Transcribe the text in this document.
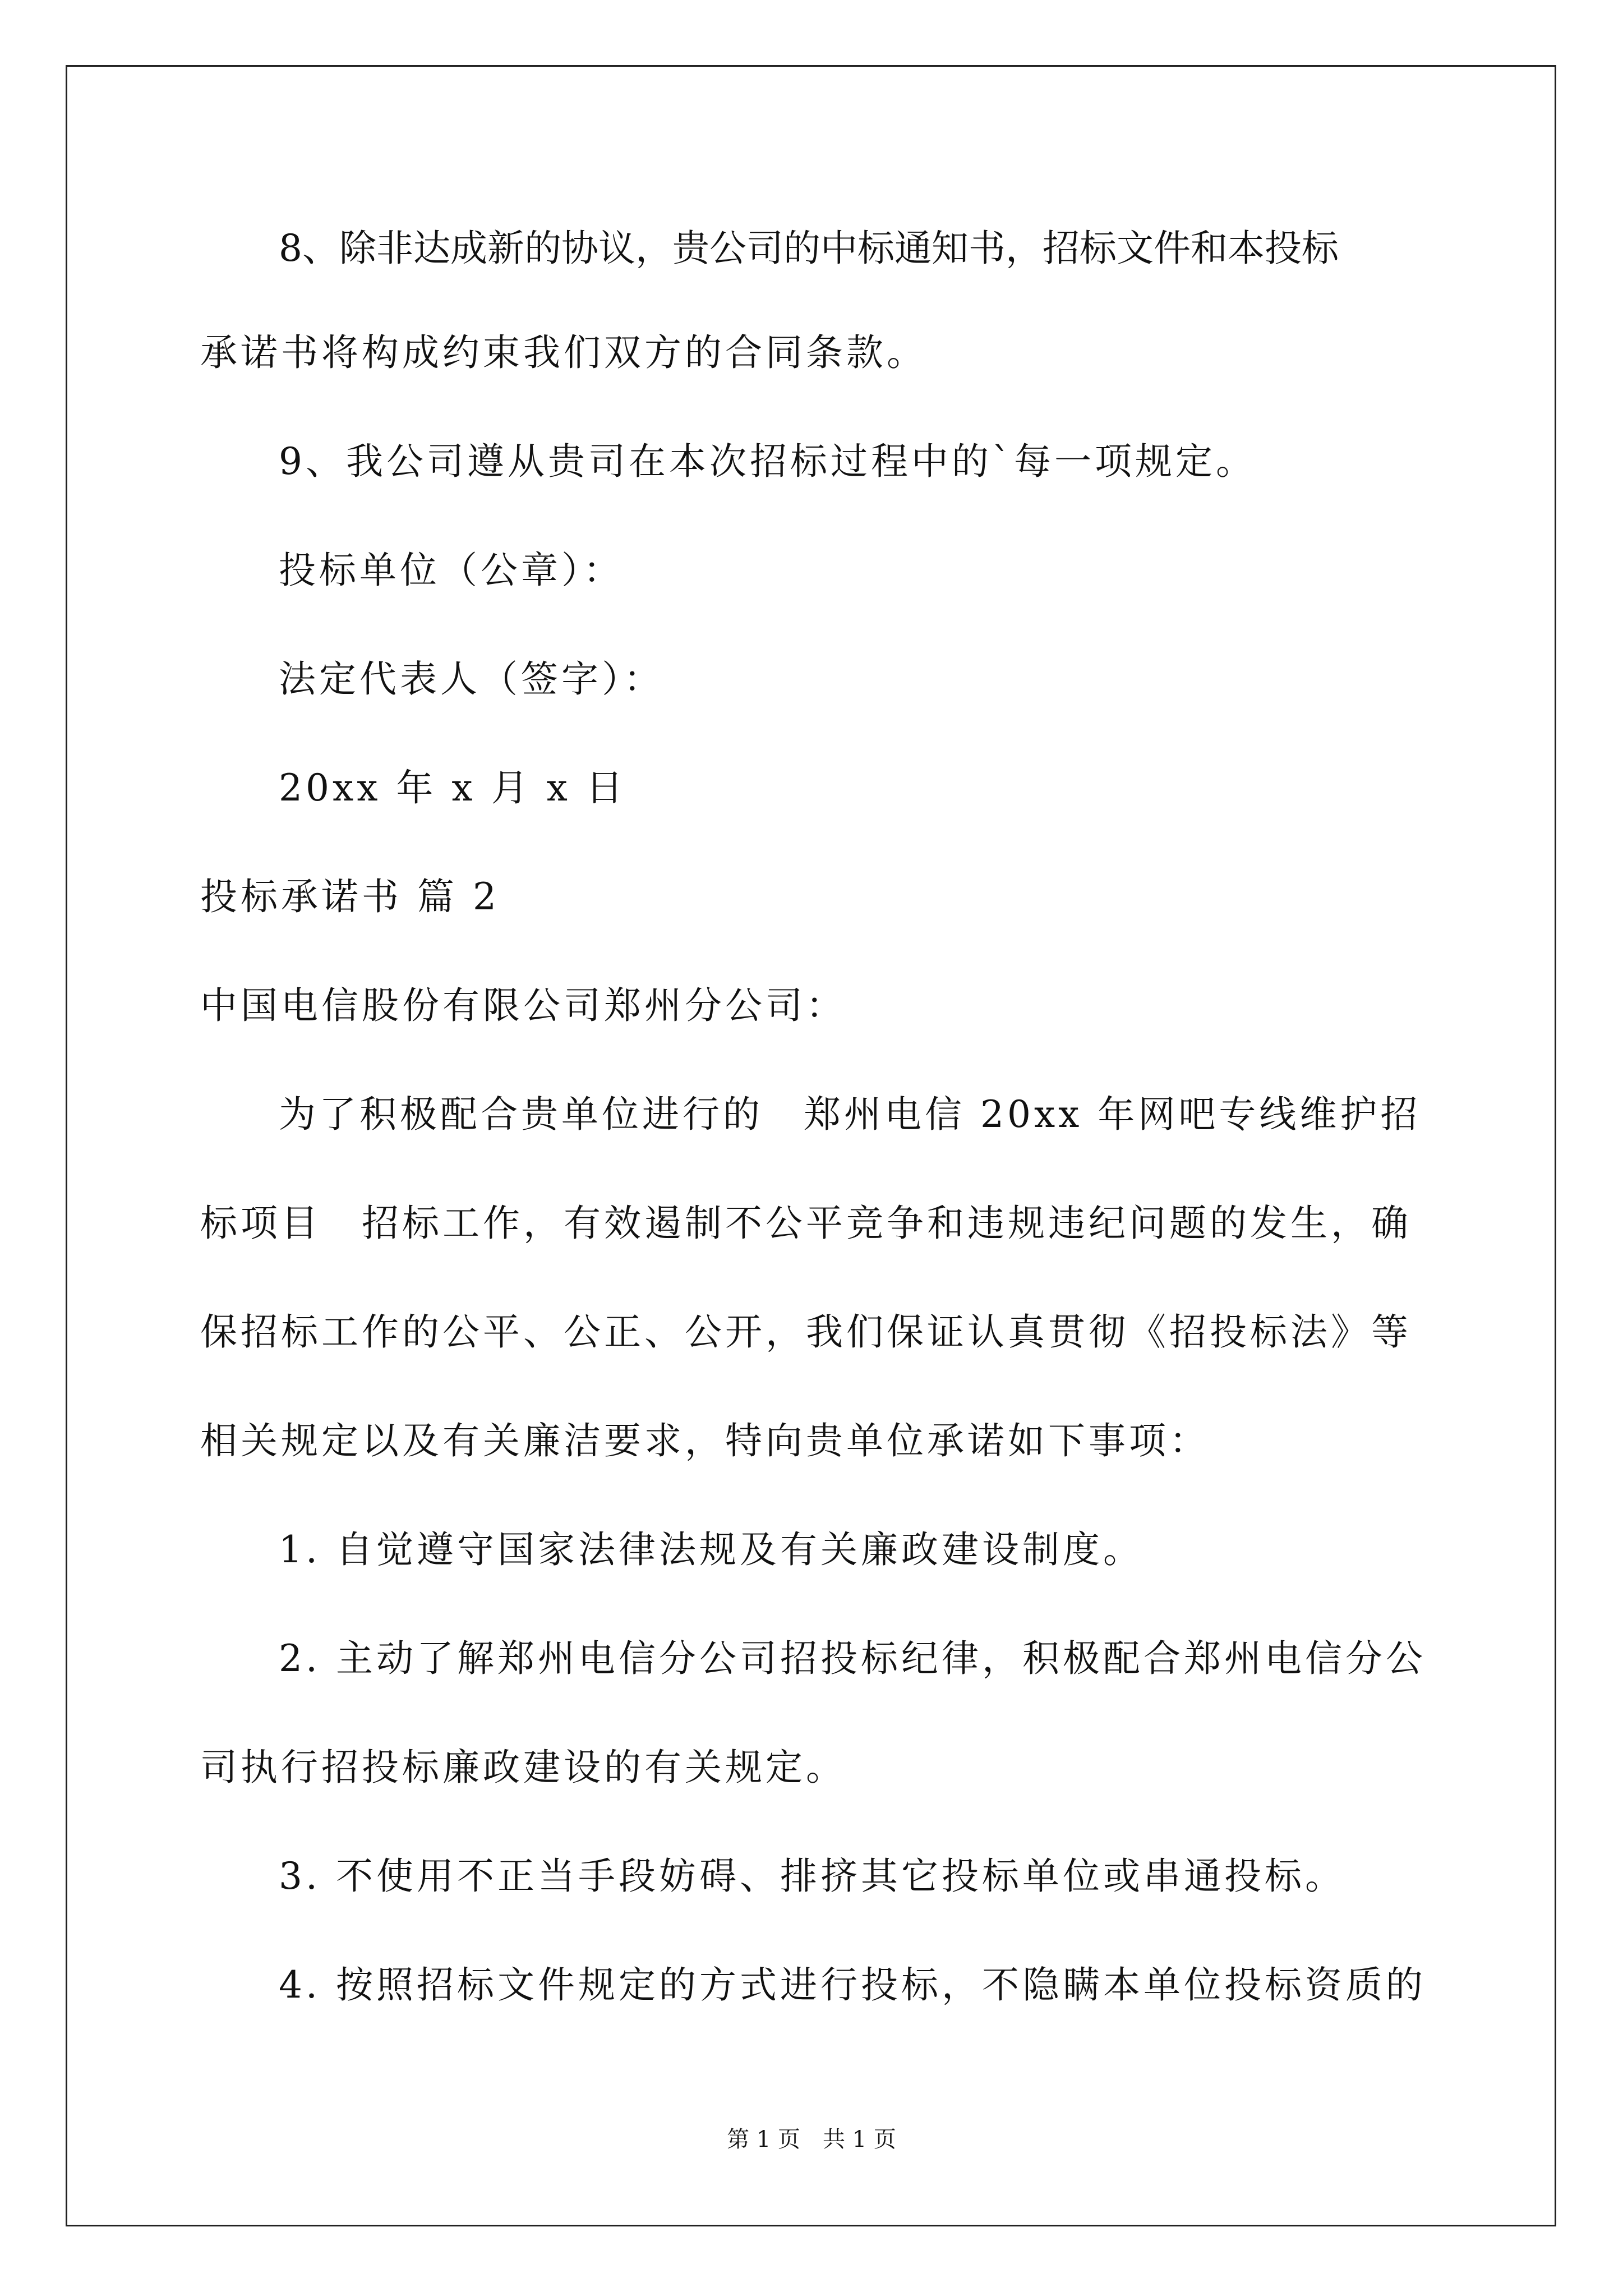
8、除非达成新的协议，贵公司的中标通知书，招标文件和本投标
承诺书将构成约束我们双方的合同条款。
9、我公司遵从贵司在本次招标过程中的`每一项规定。
投标单位（公章）：
法定代表人（签字）：
20xx 年 x 月 x 日
投标承诺书 篇 2
中国电信股份有限公司郑州分公司：
为了积极配合贵单位进行的　郑州电信 20xx 年网吧专线维护招
标项目　招标工作，有效遏制不公平竞争和违规违纪问题的发生，确
保招标工作的公平、公正、公开，我们保证认真贯彻《招投标法》等
相关规定以及有关廉洁要求，特向贵单位承诺如下事项：
1. 自觉遵守国家法律法规及有关廉政建设制度。
2. 主动了解郑州电信分公司招投标纪律，积极配合郑州电信分公
司执行招投标廉政建设的有关规定。
3. 不使用不正当手段妨碍、排挤其它投标单位或串通投标。
4. 按照招标文件规定的方式进行投标，不隐瞒本单位投标资质的
第 1 页　共 1 页
